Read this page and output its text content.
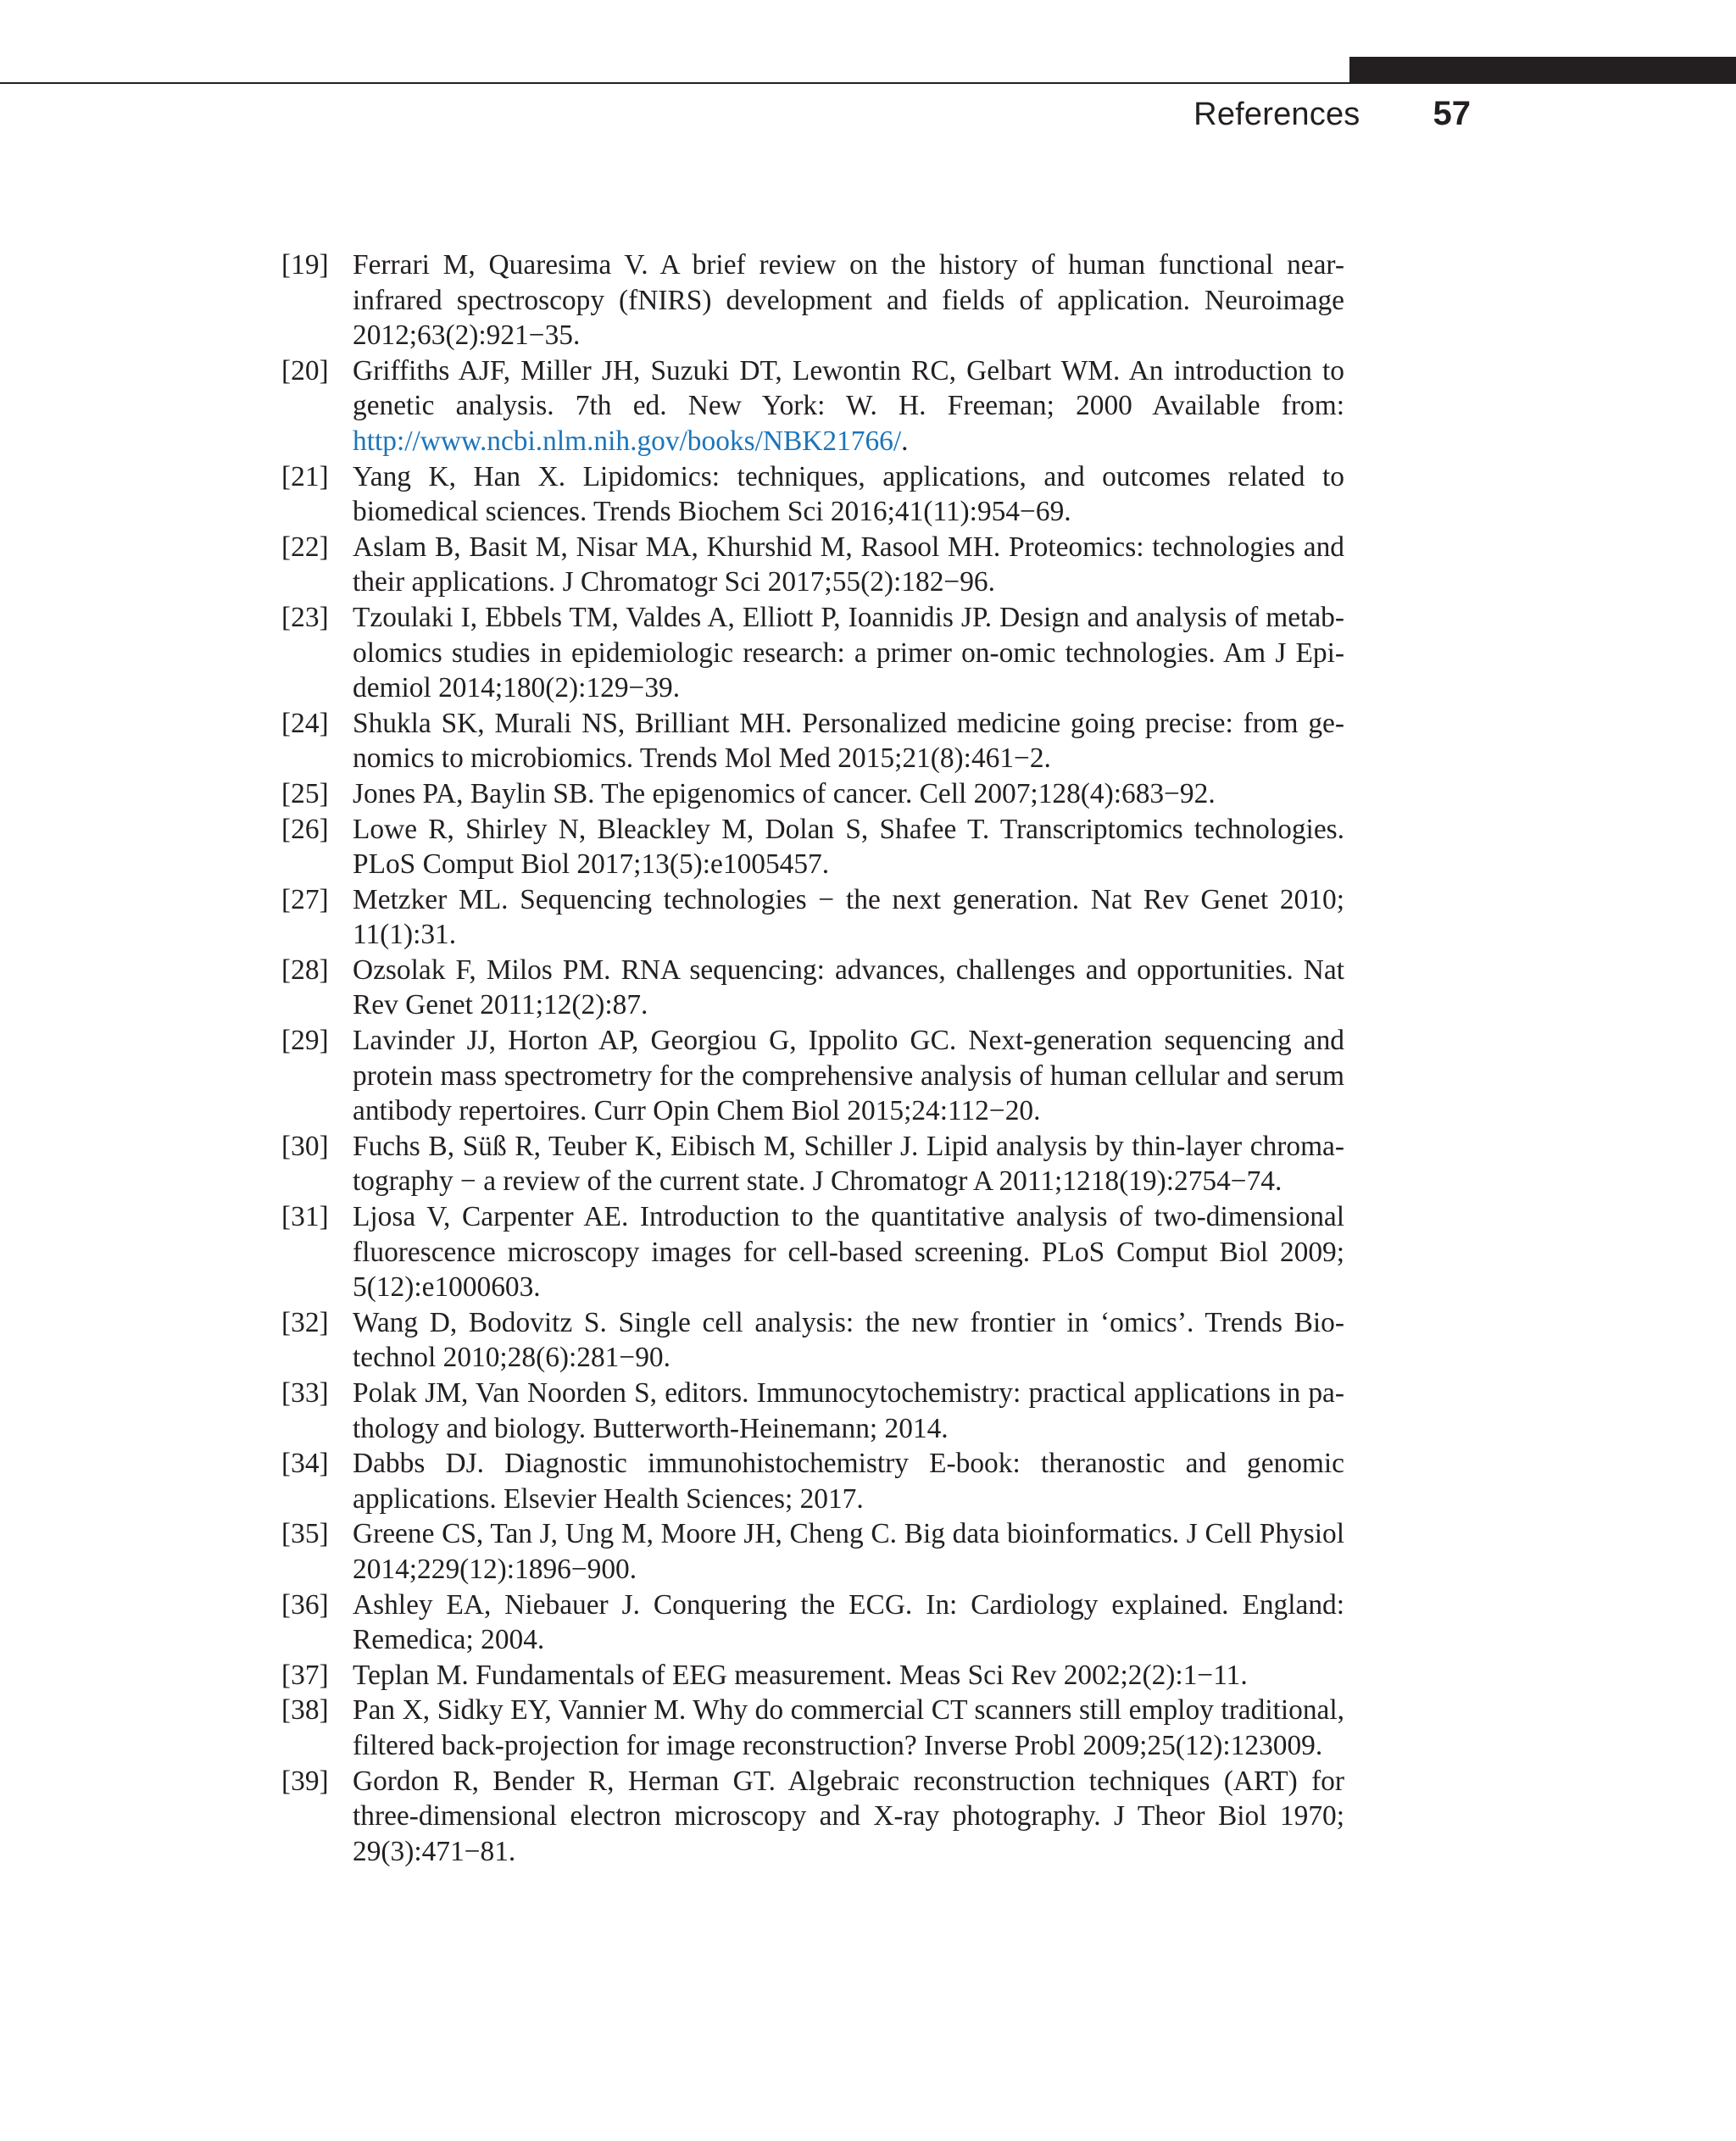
References 57
[19] Ferrari M, Quaresima V. A brief review on the history of human functional near-infrared spectroscopy (fNIRS) development and fields of application. Neuroimage 2012;63(2):921−35.
[20] Griffiths AJF, Miller JH, Suzuki DT, Lewontin RC, Gelbart WM. An introduction to genetic analysis. 7th ed. New York: W. H. Freeman; 2000 Available from: http://www.ncbi.nlm.nih.gov/books/NBK21766/.
[21] Yang K, Han X. Lipidomics: techniques, applications, and outcomes related to biomedical sciences. Trends Biochem Sci 2016;41(11):954−69.
[22] Aslam B, Basit M, Nisar MA, Khurshid M, Rasool MH. Proteomics: technologies and their applications. J Chromatogr Sci 2017;55(2):182−96.
[23] Tzoulaki I, Ebbels TM, Valdes A, Elliott P, Ioannidis JP. Design and analysis of metabolomics studies in epidemiologic research: a primer on-omic technologies. Am J Epidemiol 2014;180(2):129−39.
[24] Shukla SK, Murali NS, Brilliant MH. Personalized medicine going precise: from genomics to microbiomics. Trends Mol Med 2015;21(8):461−2.
[25] Jones PA, Baylin SB. The epigenomics of cancer. Cell 2007;128(4):683−92.
[26] Lowe R, Shirley N, Bleackley M, Dolan S, Shafee T. Transcriptomics technologies. PLoS Comput Biol 2017;13(5):e1005457.
[27] Metzker ML. Sequencing technologies − the next generation. Nat Rev Genet 2010; 11(1):31.
[28] Ozsolak F, Milos PM. RNA sequencing: advances, challenges and opportunities. Nat Rev Genet 2011;12(2):87.
[29] Lavinder JJ, Horton AP, Georgiou G, Ippolito GC. Next-generation sequencing and protein mass spectrometry for the comprehensive analysis of human cellular and serum antibody repertoires. Curr Opin Chem Biol 2015;24:112−20.
[30] Fuchs B, Süß R, Teuber K, Eibisch M, Schiller J. Lipid analysis by thin-layer chromatography − a review of the current state. J Chromatogr A 2011;1218(19):2754−74.
[31] Ljosa V, Carpenter AE. Introduction to the quantitative analysis of two-dimensional fluorescence microscopy images for cell-based screening. PLoS Comput Biol 2009; 5(12):e1000603.
[32] Wang D, Bodovitz S. Single cell analysis: the new frontier in ‘omics’. Trends Biotechnol 2010;28(6):281−90.
[33] Polak JM, Van Noorden S, editors. Immunocytochemistry: practical applications in pathology and biology. Butterworth-Heinemann; 2014.
[34] Dabbs DJ. Diagnostic immunohistochemistry E-book: theranostic and genomic applications. Elsevier Health Sciences; 2017.
[35] Greene CS, Tan J, Ung M, Moore JH, Cheng C. Big data bioinformatics. J Cell Physiol 2014;229(12):1896−900.
[36] Ashley EA, Niebauer J. Conquering the ECG. In: Cardiology explained. England: Remedica; 2004.
[37] Teplan M. Fundamentals of EEG measurement. Meas Sci Rev 2002;2(2):1−11.
[38] Pan X, Sidky EY, Vannier M. Why do commercial CT scanners still employ traditional, filtered back-projection for image reconstruction? Inverse Probl 2009;25(12):123009.
[39] Gordon R, Bender R, Herman GT. Algebraic reconstruction techniques (ART) for three-dimensional electron microscopy and X-ray photography. J Theor Biol 1970; 29(3):471−81.
